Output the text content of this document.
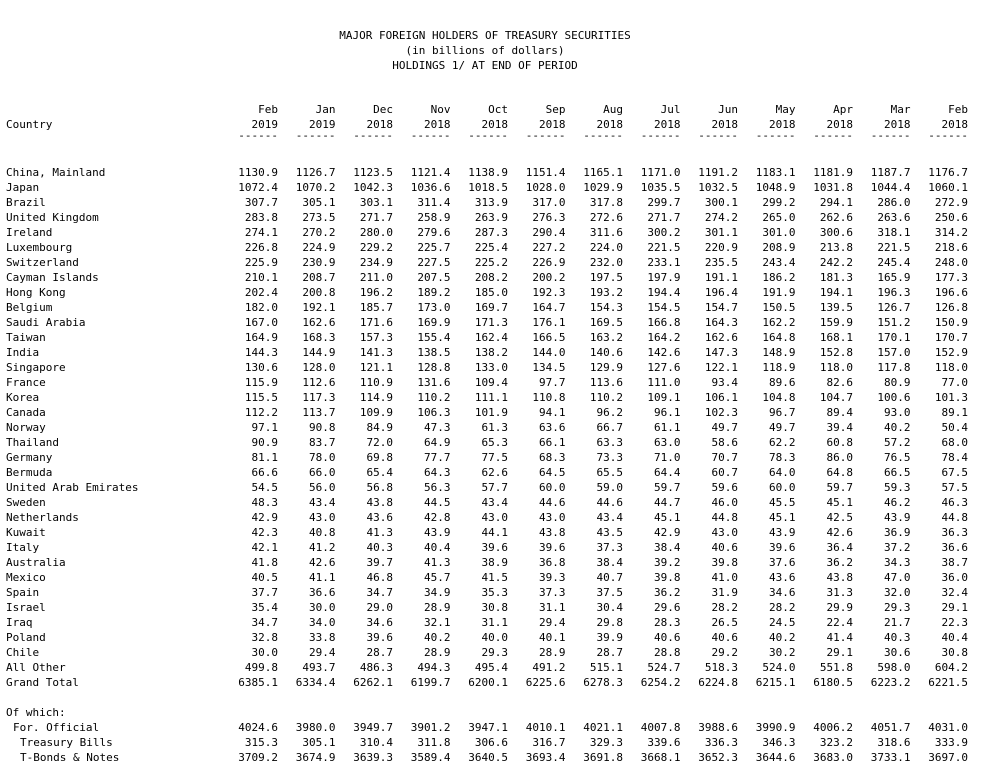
MAJOR FOREIGN HOLDERS OF TREASURY SECURITIES
(in billions of dollars)
HOLDINGS 1/ AT END OF PERIOD
Feb	Jan	Dec	Nov	Oct	Sep	Aug	Jul	Jun	May	Apr	Mar	Feb
Country	2019	2019	2018	2018	2018	2018	2018	2018	2018	2018	2018	2018	2018
------	------	------	------	------	------	------	------	------	------	------	------	------
China, Mainland	1130.9	1126.7	1123.5	1121.4	1138.9	1151.4	1165.1	1171.0	1191.2	1183.1	1181.9	1187.7	1176.7
Japan	1072.4	1070.2	1042.3	1036.6	1018.5	1028.0	1029.9	1035.5	1032.5	1048.9	1031.8	1044.4	1060.1
Brazil	307.7	305.1	303.1	311.4	313.9	317.0	317.8	299.7	300.1	299.2	294.1	286.0	272.9
United Kingdom	283.8	273.5	271.7	258.9	263.9	276.3	272.6	271.7	274.2	265.0	262.6	263.6	250.6
Ireland	274.1	270.2	280.0	279.6	287.3	290.4	311.6	300.2	301.1	301.0	300.6	318.1	314.2
Luxembourg	226.8	224.9	229.2	225.7	225.4	227.2	224.0	221.5	220.9	208.9	213.8	221.5	218.6
Switzerland	225.9	230.9	234.9	227.5	225.2	226.9	232.0	233.1	235.5	243.4	242.2	245.4	248.0
Cayman Islands	210.1	208.7	211.0	207.5	208.2	200.2	197.5	197.9	191.1	186.2	181.3	165.9	177.3
Hong Kong	202.4	200.8	196.2	189.2	185.0	192.3	193.2	194.4	196.4	191.9	194.1	196.3	196.6
Belgium	182.0	192.1	185.7	173.0	169.7	164.7	154.3	154.5	154.7	150.5	139.5	126.7	126.8
Saudi Arabia	167.0	162.6	171.6	169.9	171.3	176.1	169.5	166.8	164.3	162.2	159.9	151.2	150.9
Taiwan	164.9	168.3	157.3	155.4	162.4	166.5	163.2	164.2	162.6	164.8	168.1	170.1	170.7
India	144.3	144.9	141.3	138.5	138.2	144.0	140.6	142.6	147.3	148.9	152.8	157.0	152.9
Singapore	130.6	128.0	121.1	128.8	133.0	134.5	129.9	127.6	122.1	118.9	118.0	117.8	118.0
France	115.9	112.6	110.9	131.6	109.4	97.7	113.6	111.0	93.4	89.6	82.6	80.9	77.0
Korea	115.5	117.3	114.9	110.2	111.1	110.8	110.2	109.1	106.1	104.8	104.7	100.6	101.3
Canada	112.2	113.7	109.9	106.3	101.9	94.1	96.2	96.1	102.3	96.7	89.4	93.0	89.1
Norway	97.1	90.8	84.9	47.3	61.3	63.6	66.7	61.1	49.7	49.7	39.4	40.2	50.4
Thailand	90.9	83.7	72.0	64.9	65.3	66.1	63.3	63.0	58.6	62.2	60.8	57.2	68.0
Germany	81.1	78.0	69.8	77.7	77.5	68.3	73.3	71.0	70.7	78.3	86.0	76.5	78.4
Bermuda	66.6	66.0	65.4	64.3	62.6	64.5	65.5	64.4	60.7	64.0	64.8	66.5	67.5
United Arab Emirates	54.5	56.0	56.8	56.3	57.7	60.0	59.0	59.7	59.6	60.0	59.7	59.3	57.5
Sweden	48.3	43.4	43.8	44.5	43.4	44.6	44.6	44.7	46.0	45.5	45.1	46.2	46.3
Netherlands	42.9	43.0	43.6	42.8	43.0	43.0	43.4	45.1	44.8	45.1	42.5	43.9	44.8
Kuwait	42.3	40.8	41.3	43.9	44.1	43.8	43.5	42.9	43.0	43.9	42.6	36.9	36.3
Italy	42.1	41.2	40.3	40.4	39.6	39.6	37.3	38.4	40.6	39.6	36.4	37.2	36.6
Australia	41.8	42.6	39.7	41.3	38.9	36.8	38.4	39.2	39.8	37.6	36.2	34.3	38.7
Mexico	40.5	41.1	46.8	45.7	41.5	39.3	40.7	39.8	41.0	43.6	43.8	47.0	36.0
Spain	37.7	36.6	34.7	34.9	35.3	37.3	37.5	36.2	31.9	34.6	31.3	32.0	32.4
Israel	35.4	30.0	29.0	28.9	30.8	31.1	30.4	29.6	28.2	28.2	29.9	29.3	29.1
Iraq	34.7	34.0	34.6	32.1	31.1	29.4	29.8	28.3	26.5	24.5	22.4	21.7	22.3
Poland	32.8	33.8	39.6	40.2	40.0	40.1	39.9	40.6	40.6	40.2	41.4	40.3	40.4
Chile	30.0	29.4	28.7	28.9	29.3	28.9	28.7	28.8	29.2	30.2	29.1	30.6	30.8
All Other	499.8	493.7	486.3	494.3	495.4	491.2	515.1	524.7	518.3	524.0	551.8	598.0	604.2
Grand Total	6385.1	6334.4	6262.1	6199.7	6200.1	6225.6	6278.3	6254.2	6224.8	6215.1	6180.5	6223.2	6221.5
Of which:
For. Official	4024.6	3980.0	3949.7	3901.2	3947.1	4010.1	4021.1	4007.8	3988.6	3990.9	4006.2	4051.7	4031.0
Treasury Bills	315.3	305.1	310.4	311.8	306.6	316.7	329.3	339.6	336.3	346.3	323.2	318.6	333.9
T-Bonds & Notes	3709.2	3674.9	3639.3	3589.4	3640.5	3693.4	3691.8	3668.1	3652.3	3644.6	3683.0	3733.1	3697.0
